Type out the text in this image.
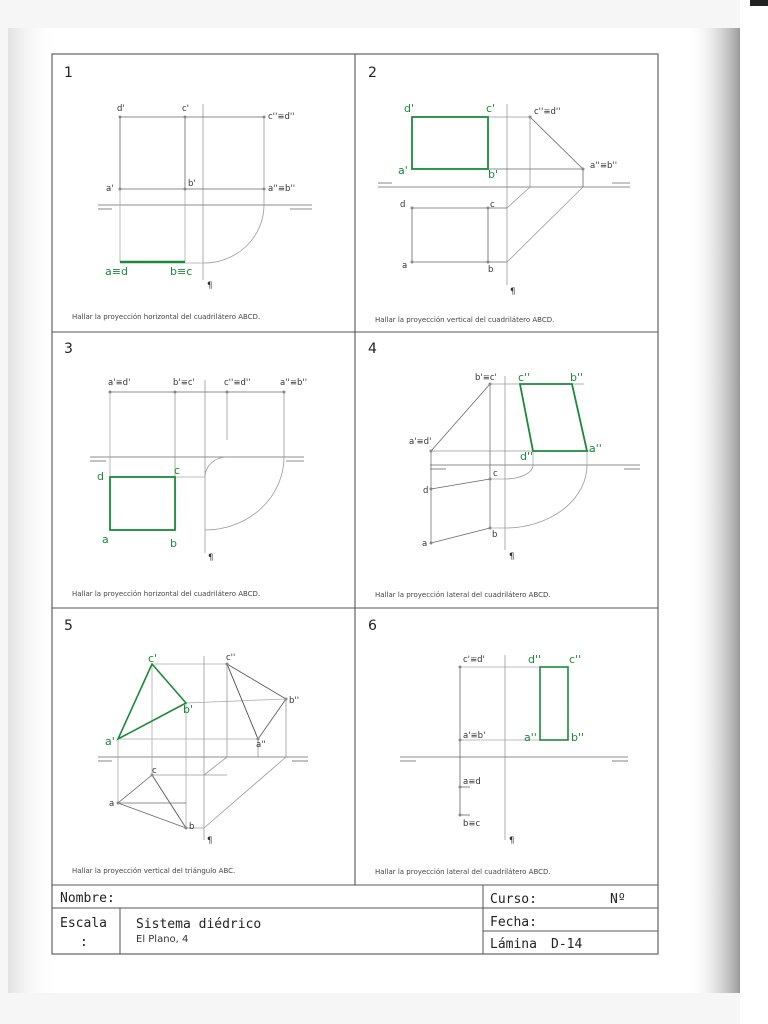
1
d'	c'
c''≡d''
a'	b'	a''≡b''
a≡d	b≡c
¶
Hallar la proyección horizontal del cuadrilátero ABCD.
2
d'	c'	c''≡d''
a'	b'
a''≡b''
d	c
a	b
¶
Hallar la proyección vertical del cuadrilátero ABCD.
3
a'≡d'	b'≡c'	c''≡d''	a''≡b''
d	c
a	b
¶
Hallar la proyección horizontal del cuadrilátero ABCD.
4
b'≡c' c''	b''
a'≡d'
d''
a''
d
c
b
a
¶
Hallar la proyección lateral del cuadrilátero ABCD.
5
c'	c''
b'
b''
a'	a''
c
a
b
¶
Hallar la proyección vertical del triángulo ABC.
6
c'≡d'	d''	c''
a'≡b'	a''	b''
a≡d
b≡c
¶
Hallar la proyección lateral del cuadrilátero ABCD.
Nombre:	Curso:	Nº
Escala
:
Sistema diédrico
El Plano, 4
Fecha:
Lámina D-14
